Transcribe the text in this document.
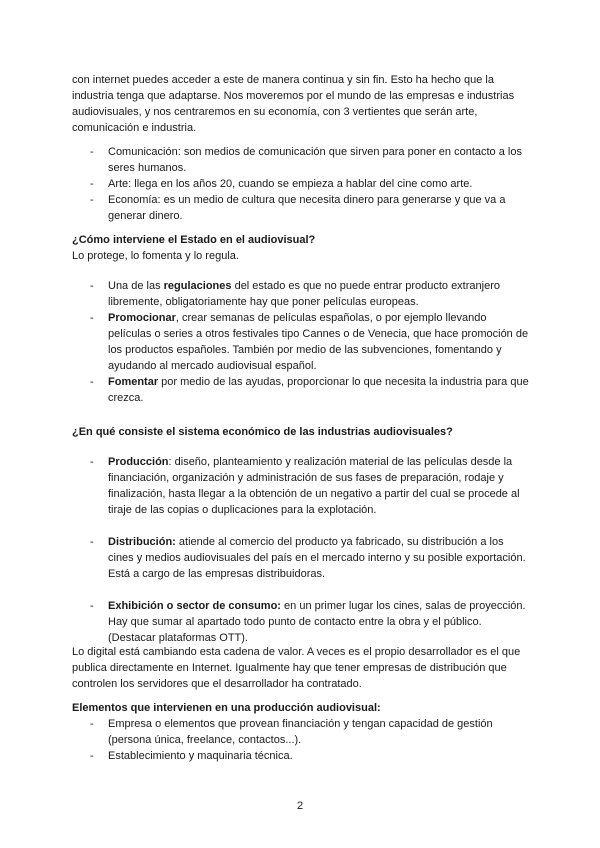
con internet puedes acceder a este de manera continua y sin fin. Esto ha hecho que la industria tenga que adaptarse. Nos moveremos por el mundo de las empresas e industrias audiovisuales, y nos centraremos en su economía, con 3 vertientes que serán arte, comunicación e industria.

- Comunicación: son medios de comunicación que sirven para poner en contacto a los seres humanos.
- Arte: llega en los años 20, cuando se empieza a hablar del cine como arte.
- Economía: es un medio de cultura que necesita dinero para generarse y que va a generar dinero.

¿Cómo interviene el Estado en el audiovisual?

Lo protege, lo fomenta y lo regula.

- Una de las regulaciones del estado es que no puede entrar producto extranjero libremente, obligatoriamente hay que poner películas europeas.
- Promocionar, crear semanas de películas españolas, o por ejemplo llevando películas o series a otros festivales tipo Cannes o de Venecia, que hace promoción de los productos españoles. También por medio de las subvenciones, fomentando y ayudando al mercado audiovisual español.
- Fomentar por medio de las ayudas, proporcionar lo que necesita la industria para que crezca.

¿En qué consiste el sistema económico de las industrias audiovisuales?

- Producción: diseño, planteamiento y realización material de las películas desde la financiación, organización y administración de sus fases de preparación, rodaje y finalización, hasta llegar a la obtención de un negativo a partir del cual se procede al tiraje de las copias o duplicaciones para la explotación.
- Distribución: atiende al comercio del producto ya fabricado, su distribución a los cines y medios audiovisuales del país en el mercado interno y su posible exportación. Está a cargo de las empresas distribuidoras.
- Exhibición o sector de consumo: en un primer lugar los cines, salas de proyección. Hay que sumar al apartado todo punto de contacto entre la obra y el público. (Destacar plataformas OTT).

Lo digital está cambiando esta cadena de valor. A veces es el propio desarrollador es el que publica directamente en Internet. Igualmente hay que tener empresas de distribución que controlen los servidores que el desarrollador ha contratado.

Elementos que intervienen en una producción audiovisual:

- Empresa o elementos que provean financiación y tengan capacidad de gestión (persona única, freelance, contactos...).
- Establecimiento y maquinaria técnica.
2
